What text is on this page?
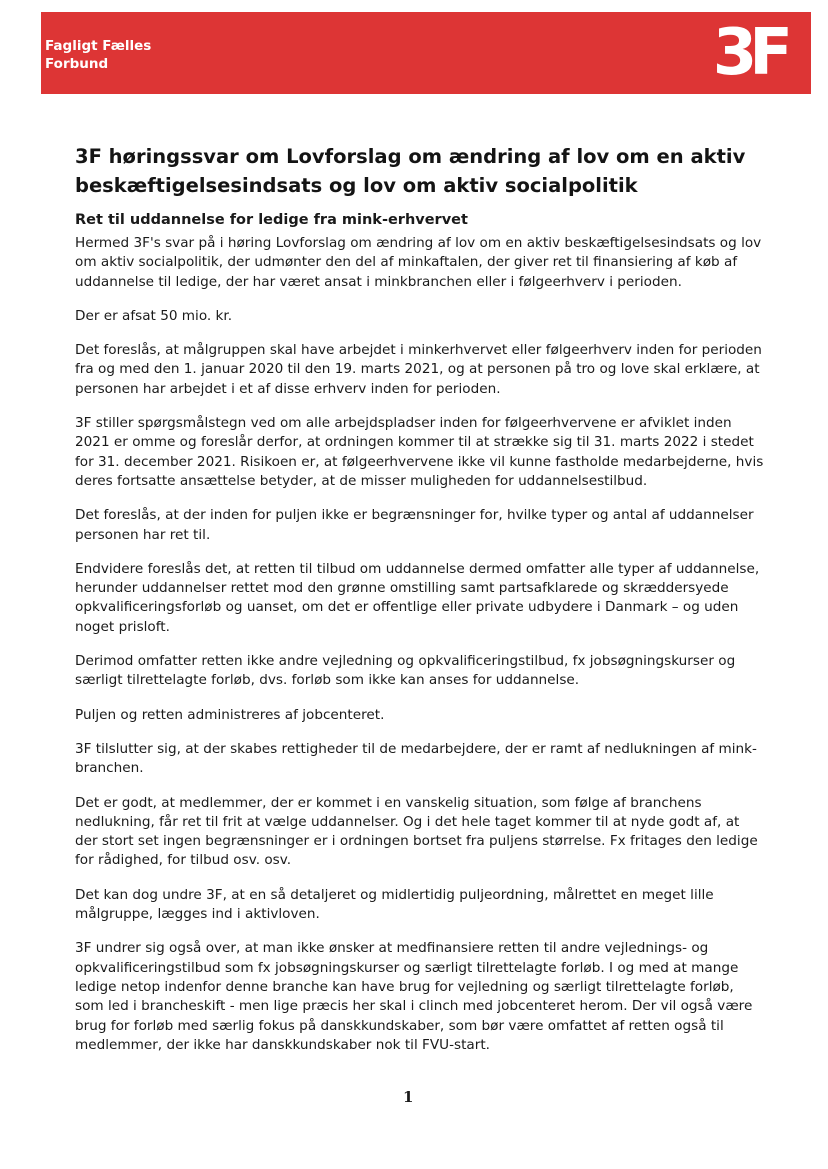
Fagligt Fælles
Forbund	3F
3F høringssvar om Lovforslag om ændring af lov om en aktiv beskæftigelsesindsats og lov om aktiv socialpolitik
Ret til uddannelse for ledige fra mink-erhvervet

Hermed 3F's svar på i høring Lovforslag om ændring af lov om en aktiv beskæftigelsesindsats og lov om aktiv socialpolitik, der udmønter den del af minkaftalen, der giver ret til finansiering af køb af uddannelse til ledige, der har været ansat i minkbranchen eller i følgeerhverv i perioden.

Der er afsat 50 mio. kr.

Det foreslås, at målgruppen skal have arbejdet i minkerhvervet eller følgeerhverv inden for perioden fra og med den 1. januar 2020 til den 19. marts 2021, og at personen på tro og love skal erklære, at personen har arbejdet i et af disse erhverv inden for perioden.

3F stiller spørgsmålstegn ved om alle arbejdspladser inden for følgeerhvervene er afviklet inden 2021 er omme og foreslår derfor, at ordningen kommer til at strække sig til 31. marts 2022 i stedet for 31. december 2021. Risikoen er, at følgeerhvervene ikke vil kunne fastholde medarbejderne, hvis deres fortsatte ansættelse betyder, at de misser muligheden for uddannelsestilbud.

Det foreslås, at der inden for puljen ikke er begrænsninger for, hvilke typer og antal af uddannelser personen har ret til.

Endvidere foreslås det, at retten til tilbud om uddannelse dermed omfatter alle typer af uddannelse, herunder uddannelser rettet mod den grønne omstilling samt partsafklarede og skræddersyede opkvalificeringsforløb og uanset, om det er offentlige eller private udbydere i Danmark – og uden noget prisloft.

Derimod omfatter retten ikke andre vejledning og opkvalificeringstilbud, fx jobsøgningskurser og særligt tilrettelagte forløb, dvs. forløb som ikke kan anses for uddannelse.

Puljen og retten administreres af jobcenteret.

3F tilslutter sig, at der skabes rettigheder til de medarbejdere, der er ramt af nedlukningen af mink-branchen.

Det er godt, at medlemmer, der er kommet i en vanskelig situation, som følge af branchens nedlukning, får ret til frit at vælge uddannelser. Og i det hele taget kommer til at nyde godt af, at der stort set ingen begrænsninger er i ordningen bortset fra puljens størrelse. Fx fritages den ledige for rådighed, for tilbud osv. osv.

Det kan dog undre 3F, at en så detaljeret og midlertidig puljeordning, målrettet en meget lille målgruppe, lægges ind i aktivloven.

3F undrer sig også over, at man ikke ønsker at medfinansiere retten til andre vejlednings- og opkvalificeringstilbud som fx jobsøgningskurser og særligt tilrettelagte forløb. I og med at mange ledige netop indenfor denne branche kan have brug for vejledning og særligt tilrettelagte forløb, som led i brancheskift - men lige præcis her skal i clinch med jobcenteret herom. Der vil også være brug for forløb med særlig fokus på danskkundskaber, som bør være omfattet af retten også til medlemmer, der ikke har danskkundskaber nok til FVU-start.

1
